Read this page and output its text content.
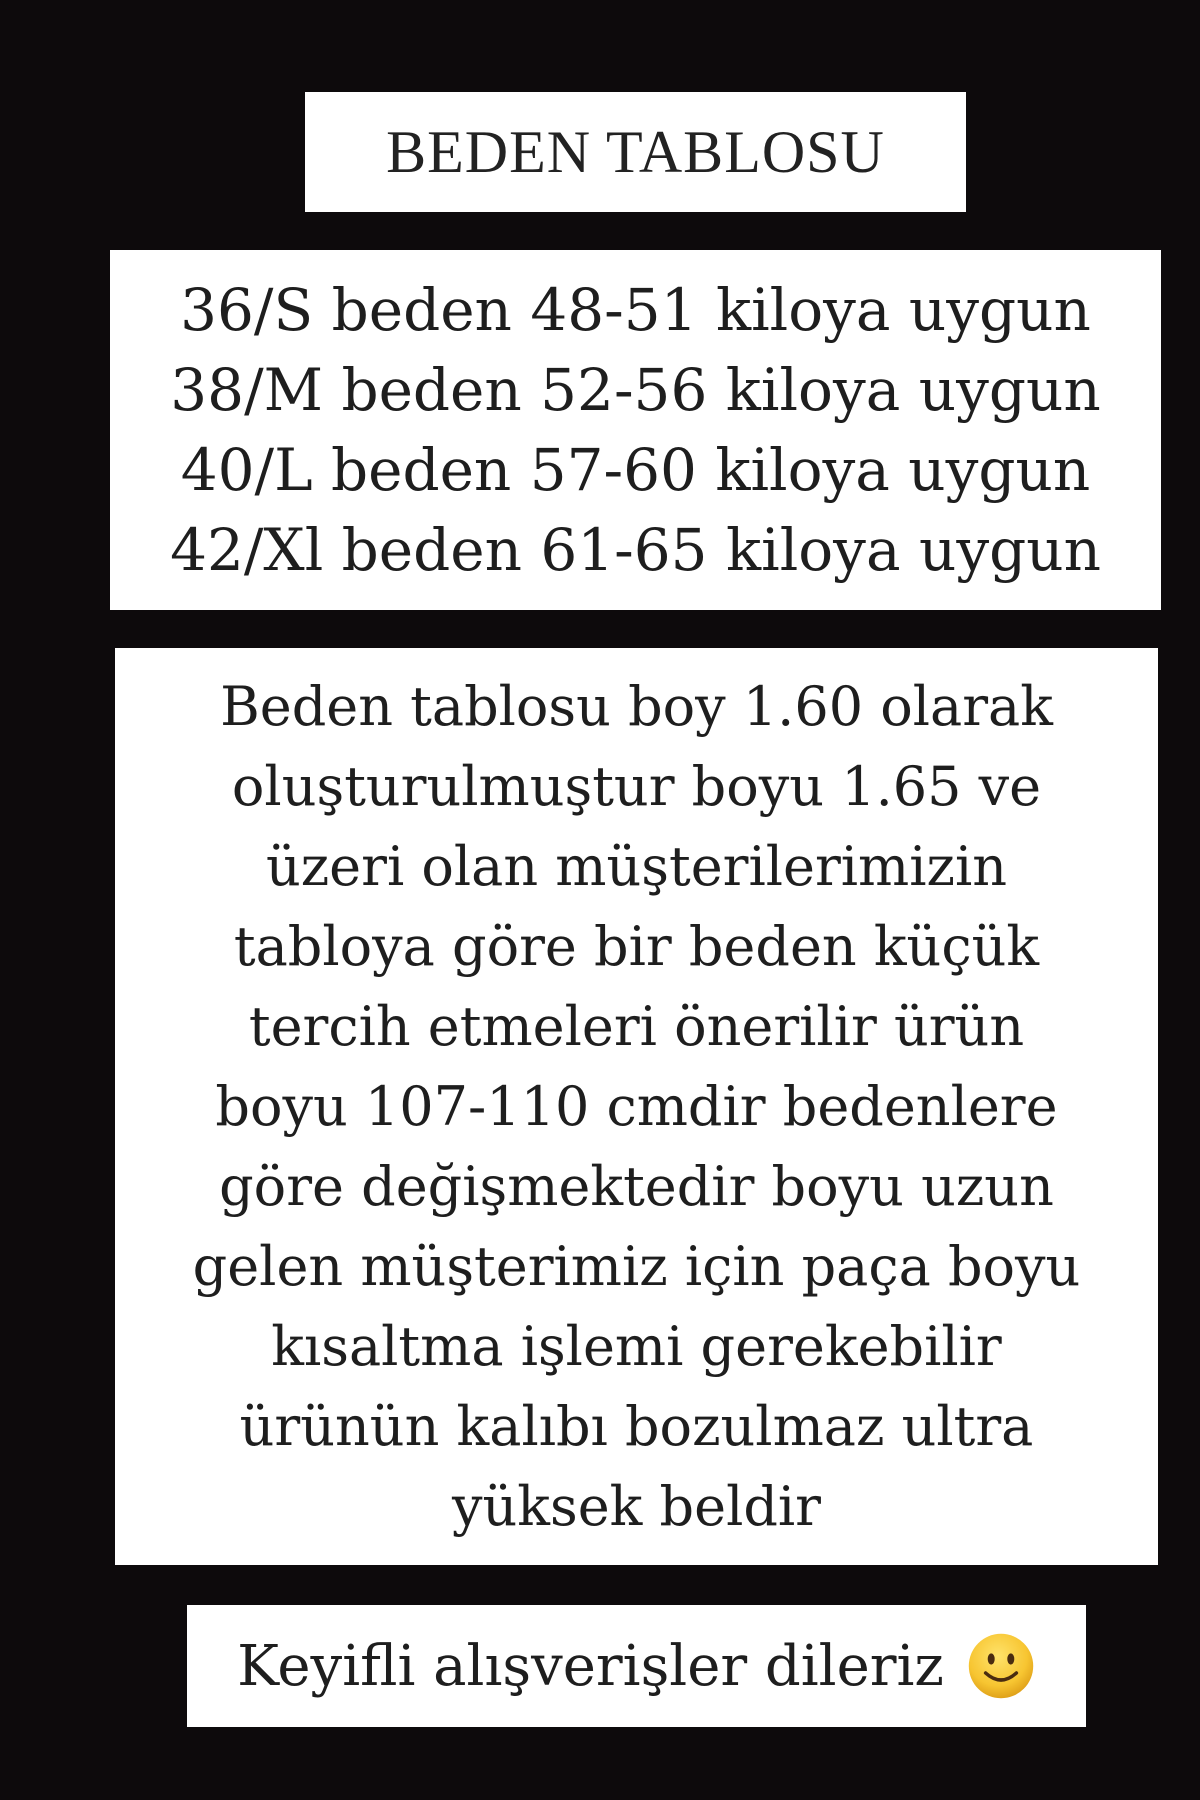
BEDEN TABLOSU
36/S beden 48-51 kiloya uygun
38/M beden 52-56 kiloya uygun
40/L beden 57-60 kiloya uygun
42/Xl beden 61-65 kiloya uygun
Beden tablosu boy 1.60 olarak
oluşturulmuştur boyu 1.65 ve
üzeri olan müşterilerimizin
tabloya göre bir beden küçük
tercih etmeleri önerilir ürün
boyu 107-110 cmdir bedenlere
göre değişmektedir boyu uzun
gelen müşterimiz için paça boyu
kısaltma işlemi gerekebilir
ürünün kalıbı bozulmaz ultra
yüksek beldir
Keyifli alışverişler dileriz
